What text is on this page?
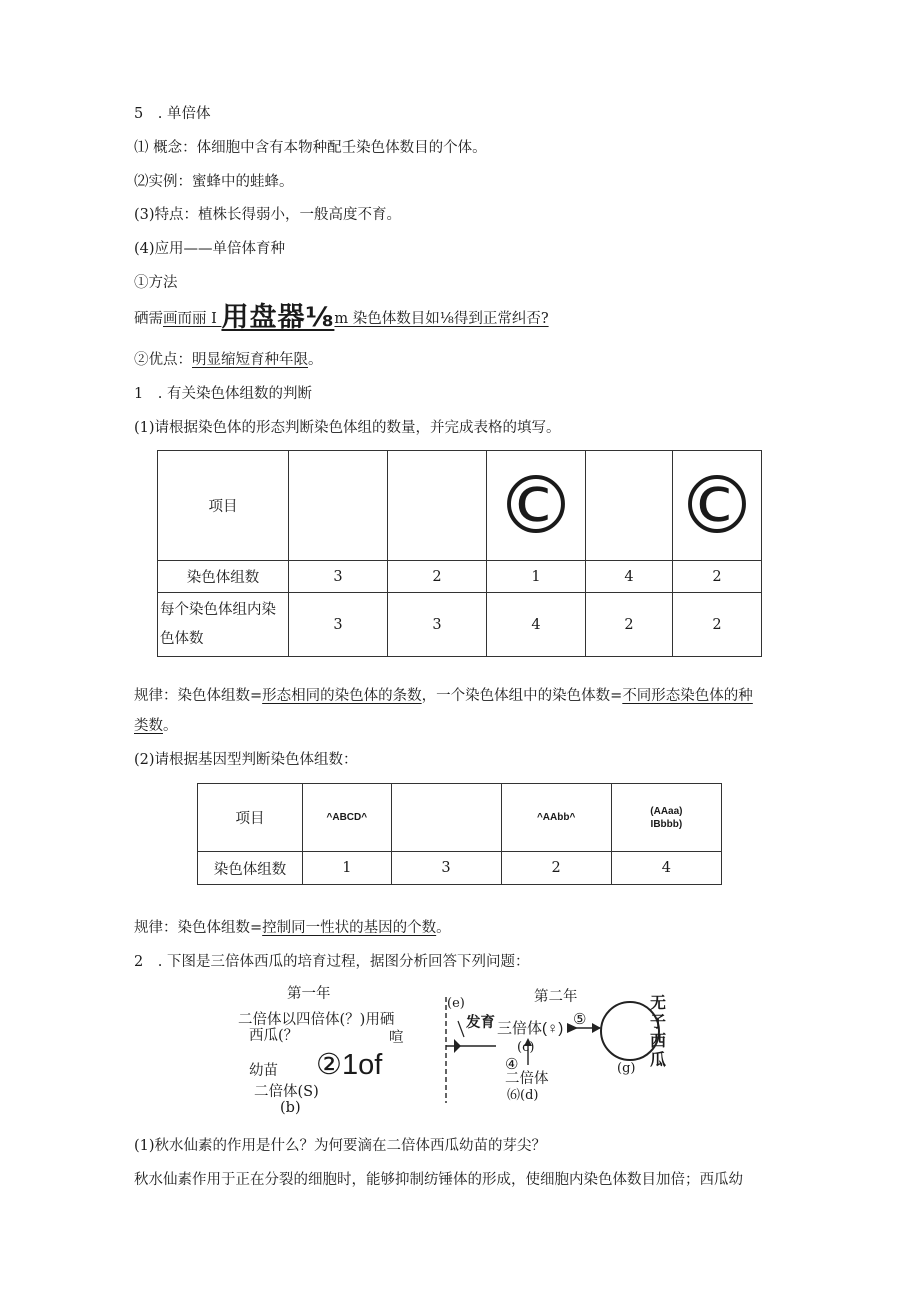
5　. 单倍体
⑴ 概念：体细胞中含有本物种配壬染色体数目的个体。
⑵实例：蜜蜂中的蛙蜂。
(3)特点：植株长得弱小，一般高度不育。
(4)应用——单倍体育种
①方法
硒需画而丽 I 用盘器⅛m 染色体数目如⅛得到正常纠否?
②优点：明显缩短育种年限。
1　. 有关染色体组数的判断
(1)请根据染色体的形态判断染色体组的数量，并完成表格的填写。
项目			©		©
染色体组数	3	2	1	4	2
每个染色体组内染色体数	3	3	4	2	2
规律：染色体组数=形态相同的染色体的条数，一个染色体组中的染色体数=不同形态染色体的种
类数。
(2)请根据基因型判断染色体组数：
项目	^ABCD^		^AAbb^	(AAaa)
IBbbb)

染色体组数	1	3	2	4
规律：染色体组数=控制同一性状的基因的个数。
2　. 下图是三倍体西瓜的培育过程，据图分析回答下列问题：
第一年
二倍体以四倍体(？)用硒
西瓜(？	喧
幼苗 ②1of
二倍体(S)
(b)
(e)
发育
第二年
三倍体(♀)
⑤
(c)
④
二倍体
⑹(d)
(g)
无
子
西
瓜
(1)秋水仙素的作用是什么？为何要滴在二倍体西瓜幼苗的芽尖？
秋水仙素作用于正在分裂的细胞时，能够抑制纺锤体的形成，使细胞内染色体数目加倍；西瓜幼
